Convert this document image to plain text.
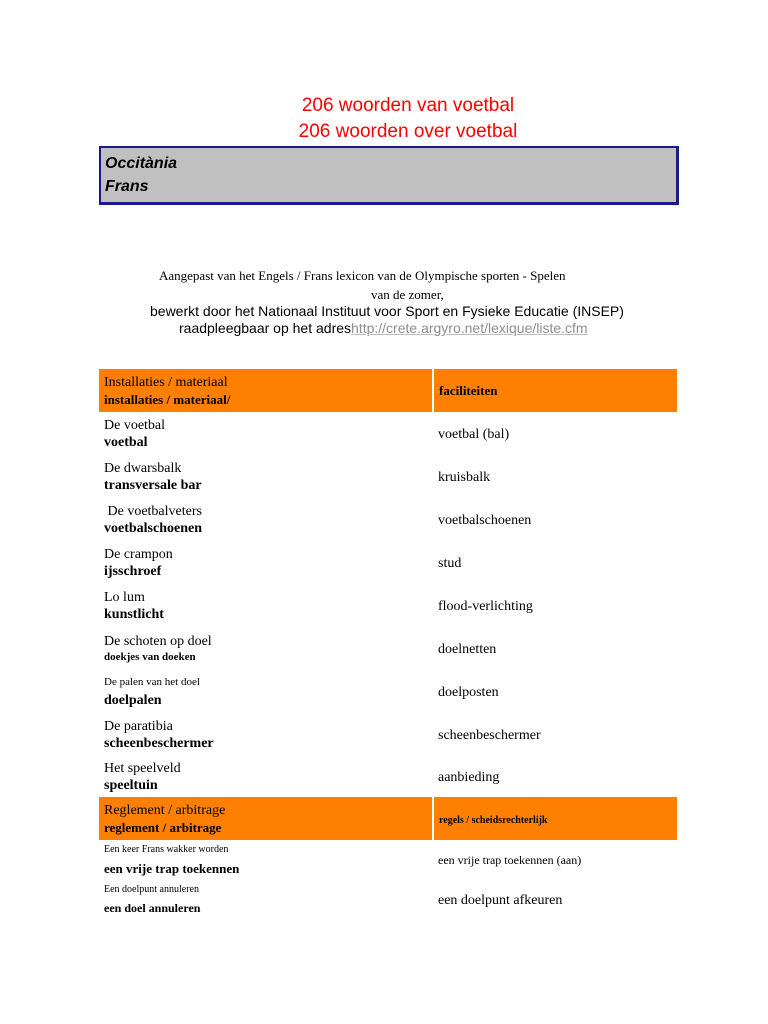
206 woorden van voetbal
206 woorden over voetbal
Occitània
Frans
Aangepast van het Engels / Frans lexicon van de Olympische sporten - Spelen
van de zomer,
bewerkt door het Nationaal Instituut voor Sport en Fysieke Educatie (INSEP)
raadpleegbaar op het adreshttp://crete.argyro.net/lexique/liste.cfm
Installaties / materiaal
installaties / materiaal/	faciliteiten

De voetbal
voetbal	voetbal (bal)

De dwarsbalk
transversale bar	kruisbalk

De voetbalveters
voetbalschoenen	voetbalschoenen

De crampon
ijsschroef	stud

Lo lum
kunstlicht	flood-verlichting

De schoten op doel
doekjes van doeken	doelnetten

De palen van het doel
doelpalen	doelposten

De paratibia
scheenbeschermer	scheenbeschermer

Het speelveld
speeltuin	aanbieding

Reglement / arbitrage
reglement / arbitrage	regels / scheidsrechterlijk

Een keer Frans wakker worden
een vrije trap toekennen	een vrije trap toekennen (aan)

Een doelpunt annuleren
een doel annuleren	een doelpunt afkeuren
